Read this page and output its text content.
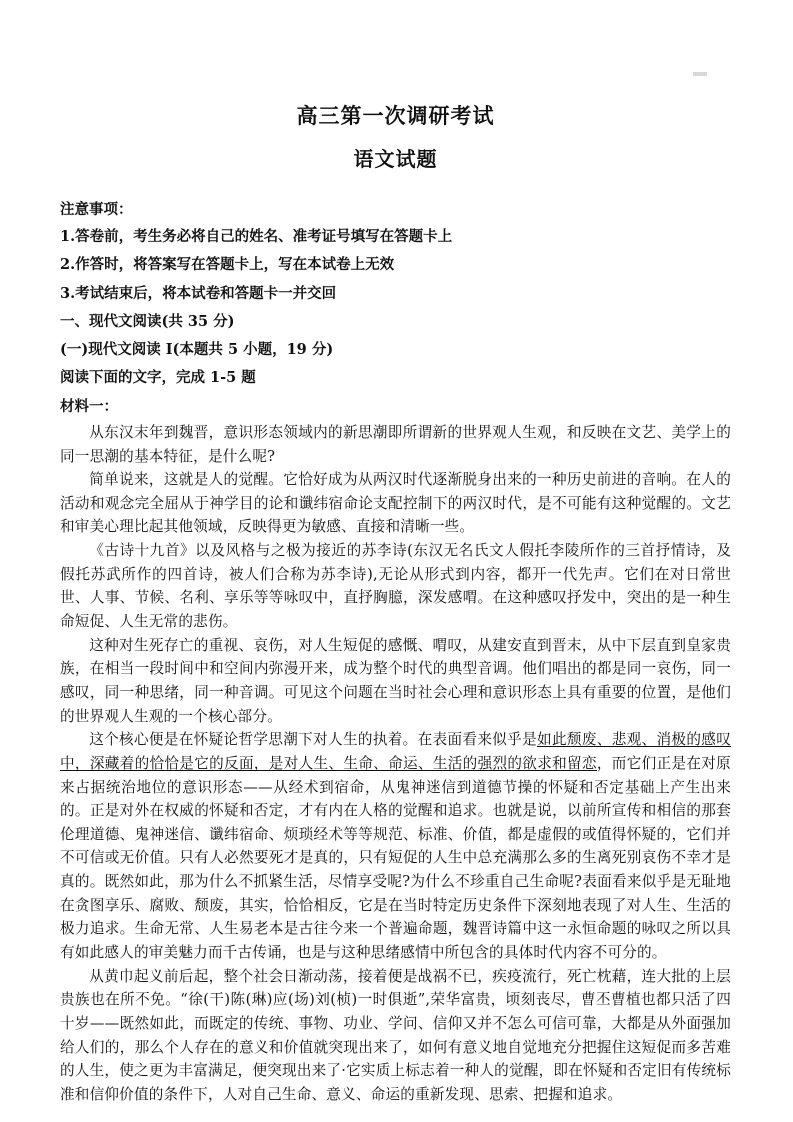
高三第一次调研考试
语文试题
注意事项：
1.答卷前，考生务必将自己的姓名、准考证号填写在答题卡上
2.作答时，将答案写在答题卡上，写在本试卷上无效
3.考试结束后，将本试卷和答题卡一并交回
一、现代文阅读(共 35 分)
(一)现代文阅读 I(本题共 5 小题，19 分)
阅读下面的文字，完成 1-5 题
材料一：

从东汉末年到魏晋，意识形态领域内的新思潮即所谓新的世界观人生观，和反映在文艺、美学上的同一思潮的基本特征，是什么呢?

简单说来，这就是人的觉醒。它恰好成为从两汉时代逐渐脱身出来的一种历史前进的音响。在人的活动和观念完全屈从于神学目的论和谶纬宿命论支配控制下的两汉时代，是不可能有这种觉醒的。文艺和审美心理比起其他领域，反映得更为敏感、直接和清晰一些。

《古诗十九首》以及风格与之极为接近的苏李诗(东汉无名氏文人假托李陵所作的三首抒情诗，及假托苏武所作的四首诗，被人们合称为苏李诗),无论从形式到内容，都开一代先声。它们在对日常世世、人事、节候、名利、享乐等等咏叹中，直抒胸臆，深发感喟。在这种感叹抒发中，突出的是一种生命短促、人生无常的悲伤。

这种对生死存亡的重视、哀伤，对人生短促的感慨、喟叹，从建安直到晋末，从中下层直到皇家贵族，在相当一段时间中和空间内弥漫开来，成为整个时代的典型音调。他们唱出的都是同一哀伤，同一感叹，同一种思绪，同一种音调。可见这个问题在当时社会心理和意识形态上具有重要的位置，是他们的世界观人生观的一个核心部分。

这个核心便是在怀疑论哲学思潮下对人生的执着。在表面看来似乎是如此颓废、悲观、消极的感叹中，深藏着的恰恰是它的反面，是对人生、生命、命运、生活的强烈的欲求和留恋，而它们正是在对原来占据统治地位的意识形态——从经术到宿命，从鬼神迷信到道德节操的怀疑和否定基础上产生出来的。正是对外在权威的怀疑和否定，才有内在人格的觉醒和追求。也就是说，以前所宣传和相信的那套伦理道德、鬼神迷信、谶纬宿命、烦琐经术等等规范、标准、价值，都是虚假的或值得怀疑的，它们并不可信或无价值。只有人必然要死才是真的，只有短促的人生中总充满那么多的生离死别哀伤不幸才是真的。既然如此，那为什么不抓紧生活，尽情享受呢?为什么不珍重自己生命呢?表面看来似乎是无耻地在贪图享乐、腐败、颓废，其实，恰恰相反，它是在当时特定历史条件下深刻地表现了对人生、生活的极力追求。生命无常、人生易老本是古往今来一个普遍命题，魏晋诗篇中这一永恒命题的咏叹之所以具有如此感人的审美魅力而千古传诵，也是与这种思绪感情中所包含的具体时代内容不可分的。

从黄巾起义前后起，整个社会日渐动荡，接着便是战祸不已，疾疫流行，死亡枕藉，连大批的上层贵族也在所不免。“徐(干)陈(琳)应(场)刘(桢)一时俱逝”,荣华富贵，顷刻丧尽，曹丕曹植也都只活了四十岁——既然如此，而既定的传统、事物、功业、学问、信仰又并不怎么可信可靠，大都是从外面强加给人们的，那么个人存在的意义和价值就突现出来了，如何有意义地自觉地充分把握住这短促而多苦难的人生，使之更为丰富满足，便突现出来了·它实质上标志着一种人的觉醒，即在怀疑和否定旧有传统标准和信仰价值的条件下，人对自己生命、意义、命运的重新发现、思索、把握和追求。
